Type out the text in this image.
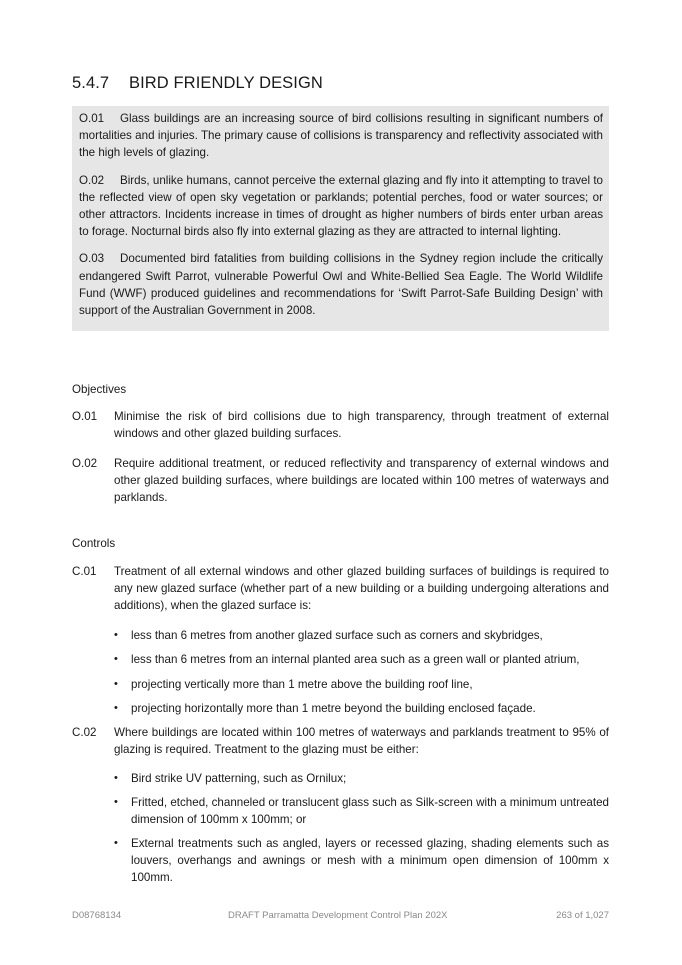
5.4.7 BIRD FRIENDLY DESIGN

O.01 Glass buildings are an increasing source of bird collisions resulting in significant numbers of mortalities and injuries. The primary cause of collisions is transparency and reflectivity associated with the high levels of glazing.

O.02 Birds, unlike humans, cannot perceive the external glazing and fly into it attempting to travel to the reflected view of open sky vegetation or parklands; potential perches, food or water sources; or other attractors. Incidents increase in times of drought as higher numbers of birds enter urban areas to forage. Nocturnal birds also fly into external glazing as they are attracted to internal lighting.

O.03 Documented bird fatalities from building collisions in the Sydney region include the critically endangered Swift Parrot, vulnerable Powerful Owl and White-Bellied Sea Eagle. The World Wildlife Fund (WWF) produced guidelines and recommendations for ‘Swift Parrot-Safe Building Design’ with support of the Australian Government in 2008.

Objectives
O.01 Minimise the risk of bird collisions due to high transparency, through treatment of external windows and other glazed building surfaces.
O.02 Require additional treatment, or reduced reflectivity and transparency of external windows and other glazed building surfaces, where buildings are located within 100 metres of waterways and parklands.
Controls
C.01 Treatment of all external windows and other glazed building surfaces of buildings is required to any new glazed surface (whether part of a new building or a building undergoing alterations and additions), when the glazed surface is:
• less than 6 metres from another glazed surface such as corners and skybridges,
• less than 6 metres from an internal planted area such as a green wall or planted atrium,
• projecting vertically more than 1 metre above the building roof line,
• projecting horizontally more than 1 metre beyond the building enclosed façade.
C.02 Where buildings are located within 100 metres of waterways and parklands treatment to 95% of glazing is required. Treatment to the glazing must be either:
• Bird strike UV patterning, such as Ornilux;
• Fritted, etched, channeled or translucent glass such as Silk-screen with a minimum untreated dimension of 100mm x 100mm; or
• External treatments such as angled, layers or recessed glazing, shading elements such as louvers, overhangs and awnings or mesh with a minimum open dimension of 100mm x 100mm.
D08768134	DRAFT Parramatta Development Control Plan 202X	263 of 1,027
